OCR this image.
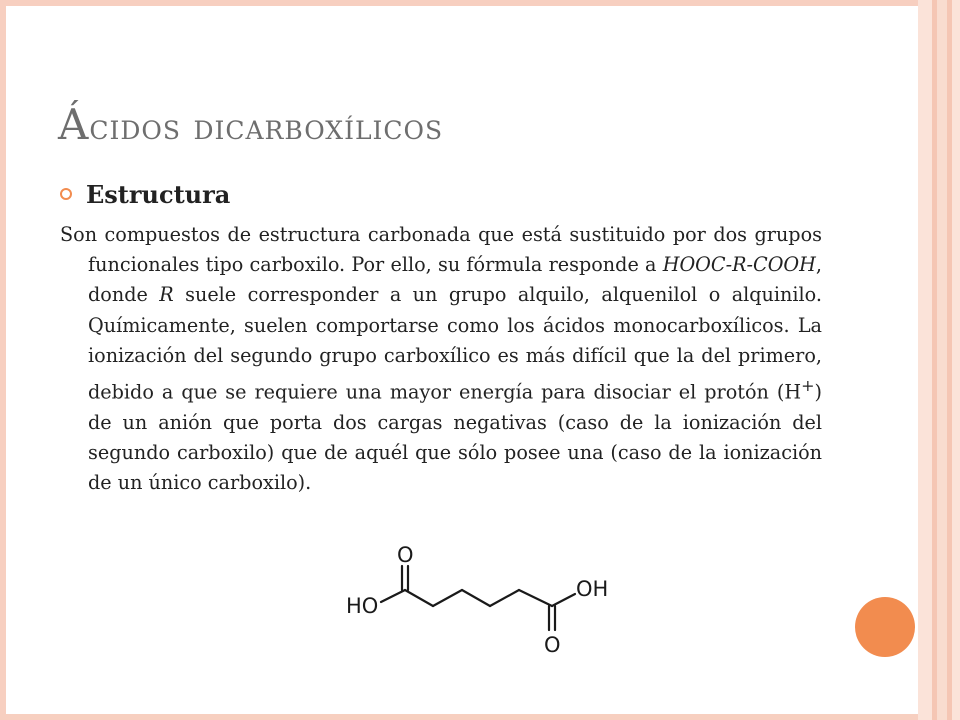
Ácidos dicarboxílicos
Estructura

Son compuestos de estructura carbonada que está sustituido por dos grupos funcionales tipo carboxilo. Por ello, su fórmula responde a HOOC-R-COOH, donde R suele corresponder a un grupo alquilo, alquenilol o alquinilo. Químicamente, suelen comportarse como los ácidos monocarboxílicos. La ionización del segundo grupo carboxílico es más difícil que la del primero, debido a que se requiere una mayor energía para disociar el protón (H+) de un anión que porta dos cargas negativas (caso de la ionización del segundo carboxilo) que de aquél que sólo posee una (caso de la ionización de un único carboxilo).

O
HO
OH
O
